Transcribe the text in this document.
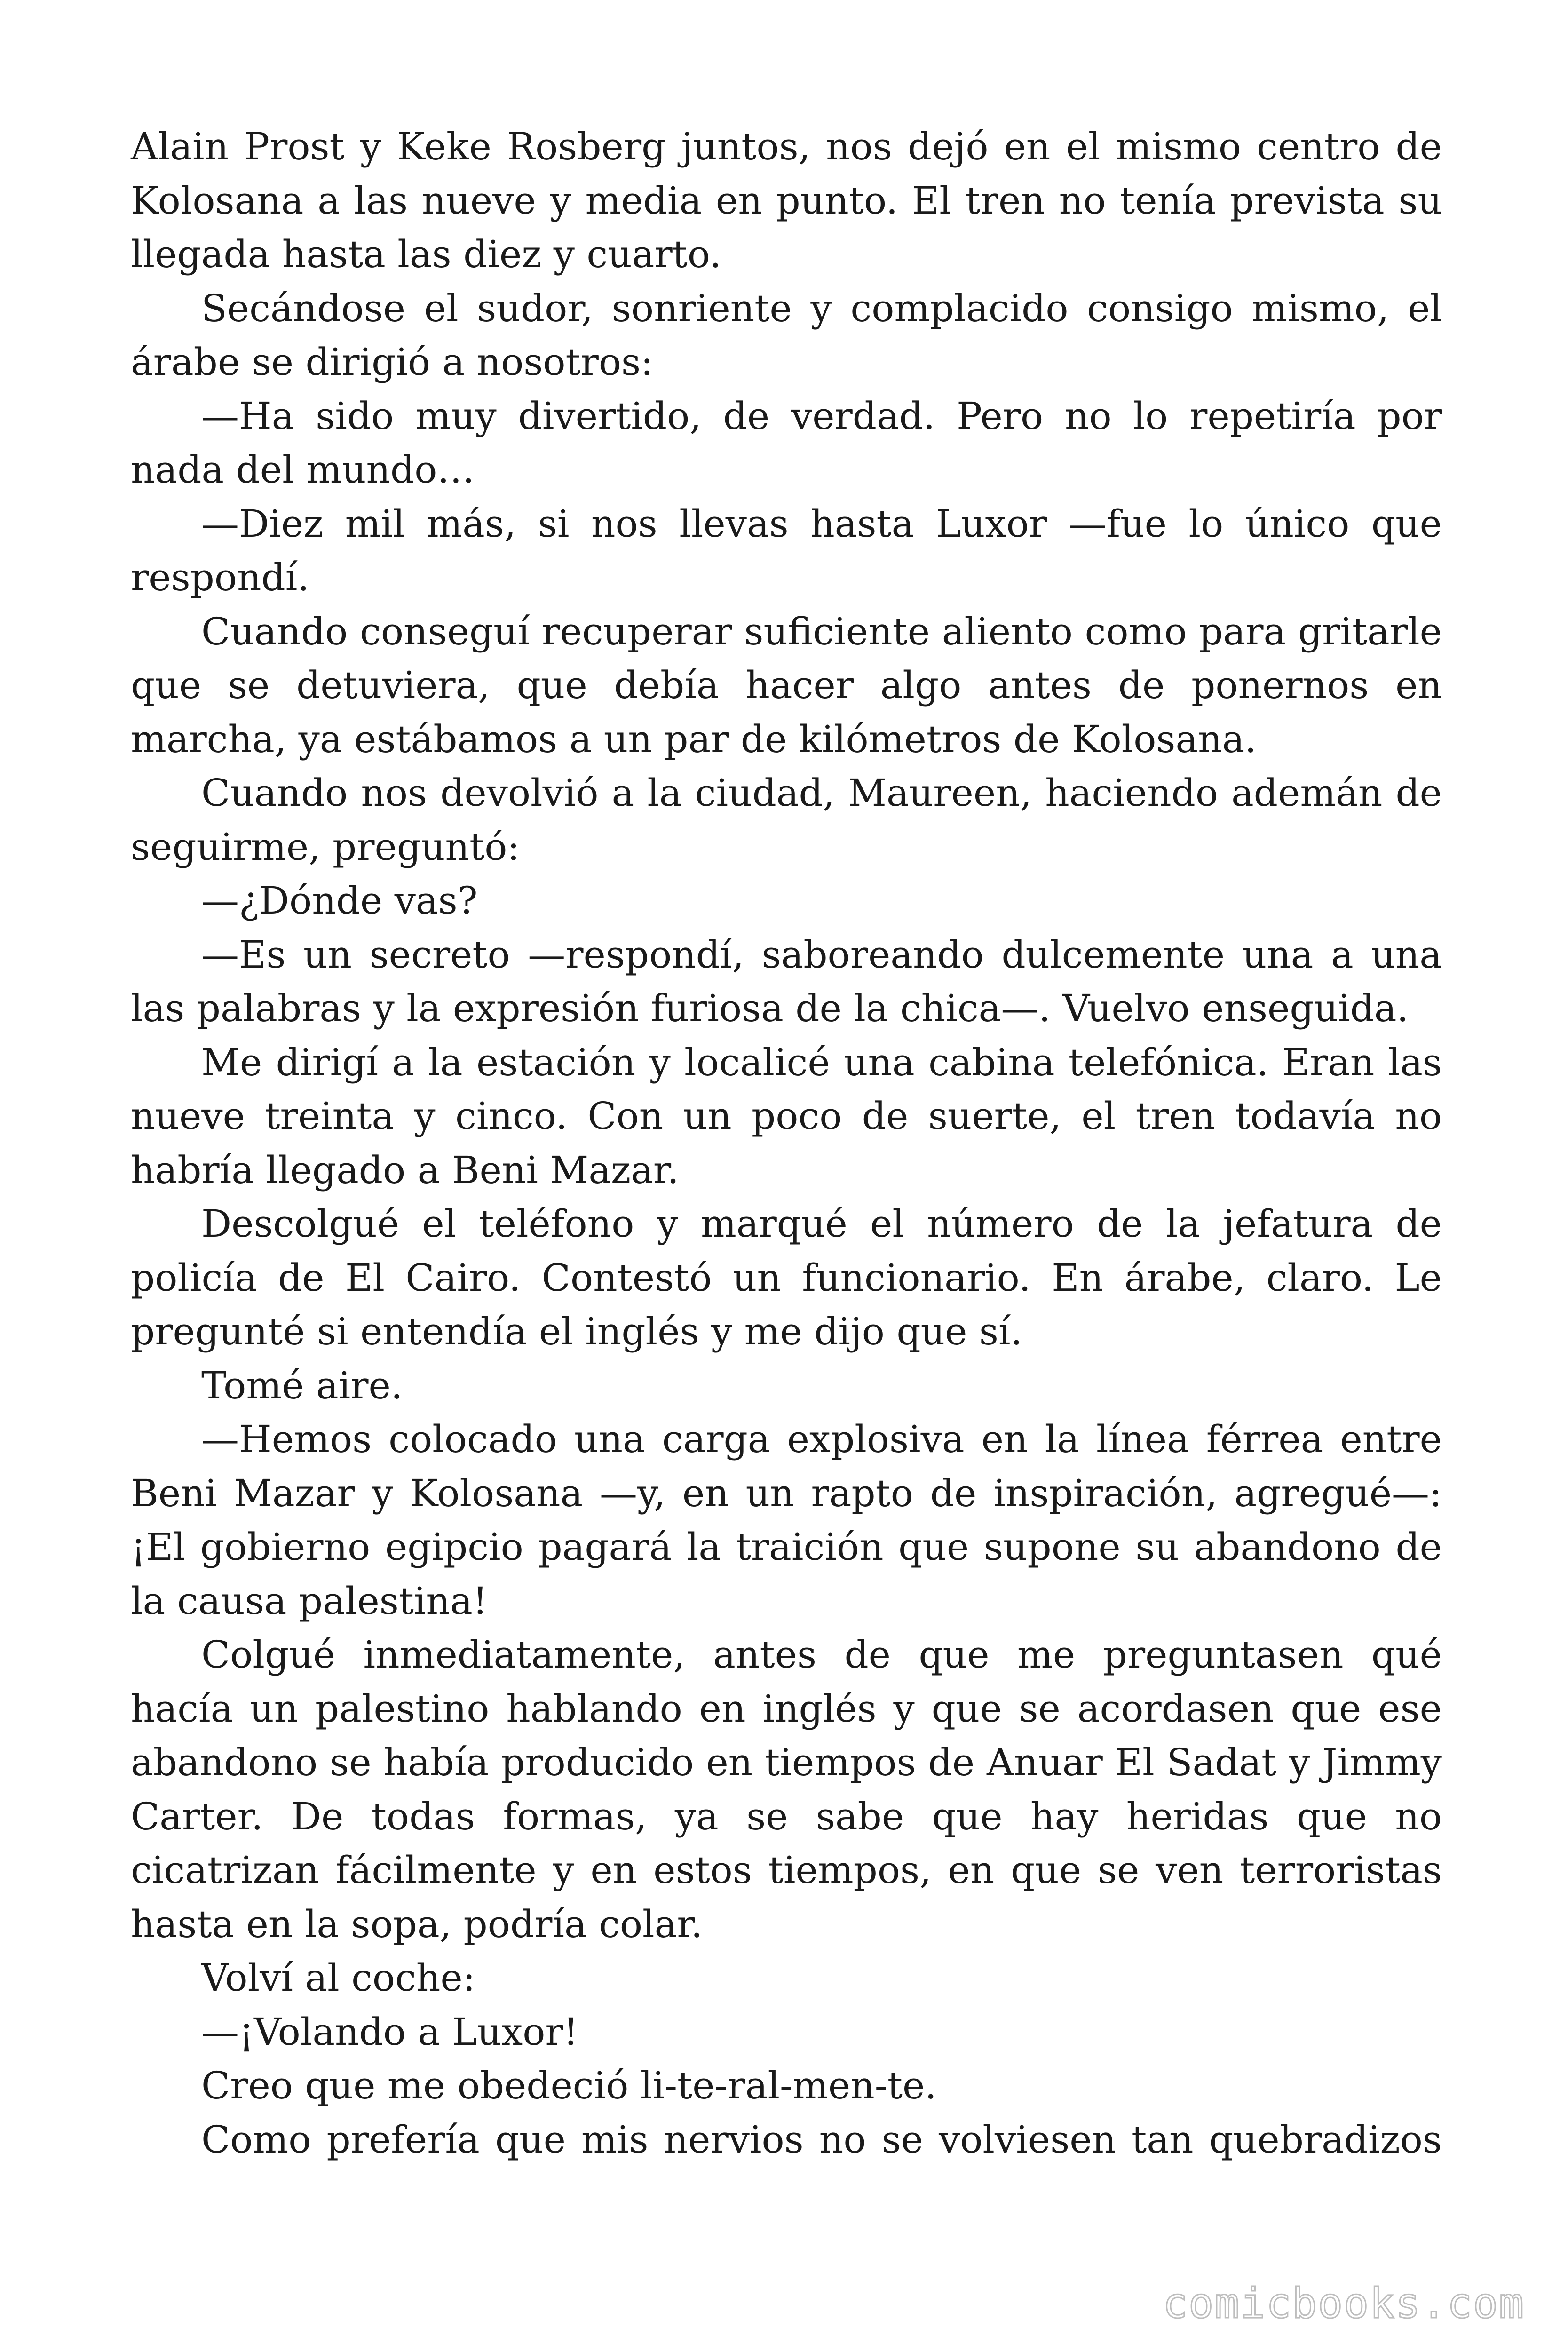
Alain Prost y Keke Rosberg juntos, nos dejó en el mismo centro de Kolosana a las nueve y media en punto. El tren no tenía prevista su llegada hasta las diez y cuarto.

Secándose el sudor, sonriente y complacido consigo mismo, el árabe se dirigió a nosotros:

—Ha sido muy divertido, de verdad. Pero no lo repetiría por nada del mundo…

—Diez mil más, si nos llevas hasta Luxor —fue lo único que respondí.

Cuando conseguí recuperar suficiente aliento como para gritarle que se detuviera, que debía hacer algo antes de ponernos en marcha, ya estábamos a un par de kilómetros de Kolosana.

Cuando nos devolvió a la ciudad, Maureen, haciendo ademán de seguirme, preguntó:

—¿Dónde vas?

—Es un secreto —respondí, saboreando dulcemente una a una las palabras y la expresión furiosa de la chica—. Vuelvo enseguida.

Me dirigí a la estación y localicé una cabina telefónica. Eran las nueve treinta y cinco. Con un poco de suerte, el tren todavía no habría llegado a Beni Mazar.

Descolgué el teléfono y marqué el número de la jefatura de policía de El Cairo. Contestó un funcionario. En árabe, claro. Le pregunté si entendía el inglés y me dijo que sí.

Tomé aire.

—Hemos colocado una carga explosiva en la línea férrea entre Beni Mazar y Kolosana —y, en un rapto de inspiración, agregué—: ¡El gobierno egipcio pagará la traición que supone su abandono de la causa palestina!

Colgué inmediatamente, antes de que me preguntasen qué hacía un palestino hablando en inglés y que se acordasen que ese abandono se había producido en tiempos de Anuar El Sadat y Jimmy Carter. De todas formas, ya se sabe que hay heridas que no cicatrizan fácilmente y en estos tiempos, en que se ven terroristas hasta en la sopa, podría colar.

Volví al coche:

—¡Volando a Luxor!

Creo que me obedeció li-te-ral-men-te.

Como prefería que mis nervios no se volviesen tan quebradizos

comicbooks.com
